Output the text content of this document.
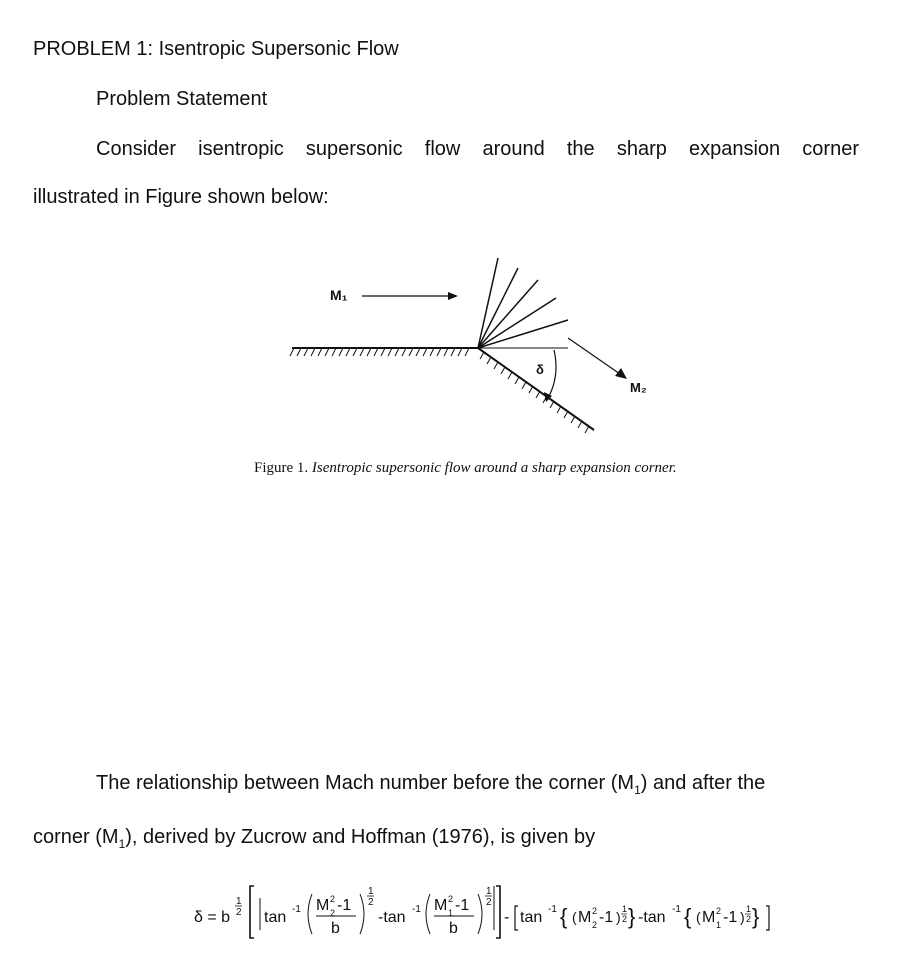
PROBLEM 1: Isentropic Supersonic Flow
Problem Statement
Consider isentropic supersonic flow around the sharp expansion corner
illustrated in Figure shown below:
M₁
M₂
δ
Figure 1. Isentropic supersonic flow around a sharp expansion corner.
The relationship between Mach number before the corner $(M_1)$ and after the
corner $(M_1)$, derived by Zucrow and Hoffman (1976), is given by
δ = b
1
2 tan -1 M 2
2 -1
b
1
2
-tan -1 M 2
1 -1
b
1
2
- tan -1 { ( M 2
2 -1 ) 1
2 } -tan -1 { ( M 2
1 -1 ) 1
2 }
